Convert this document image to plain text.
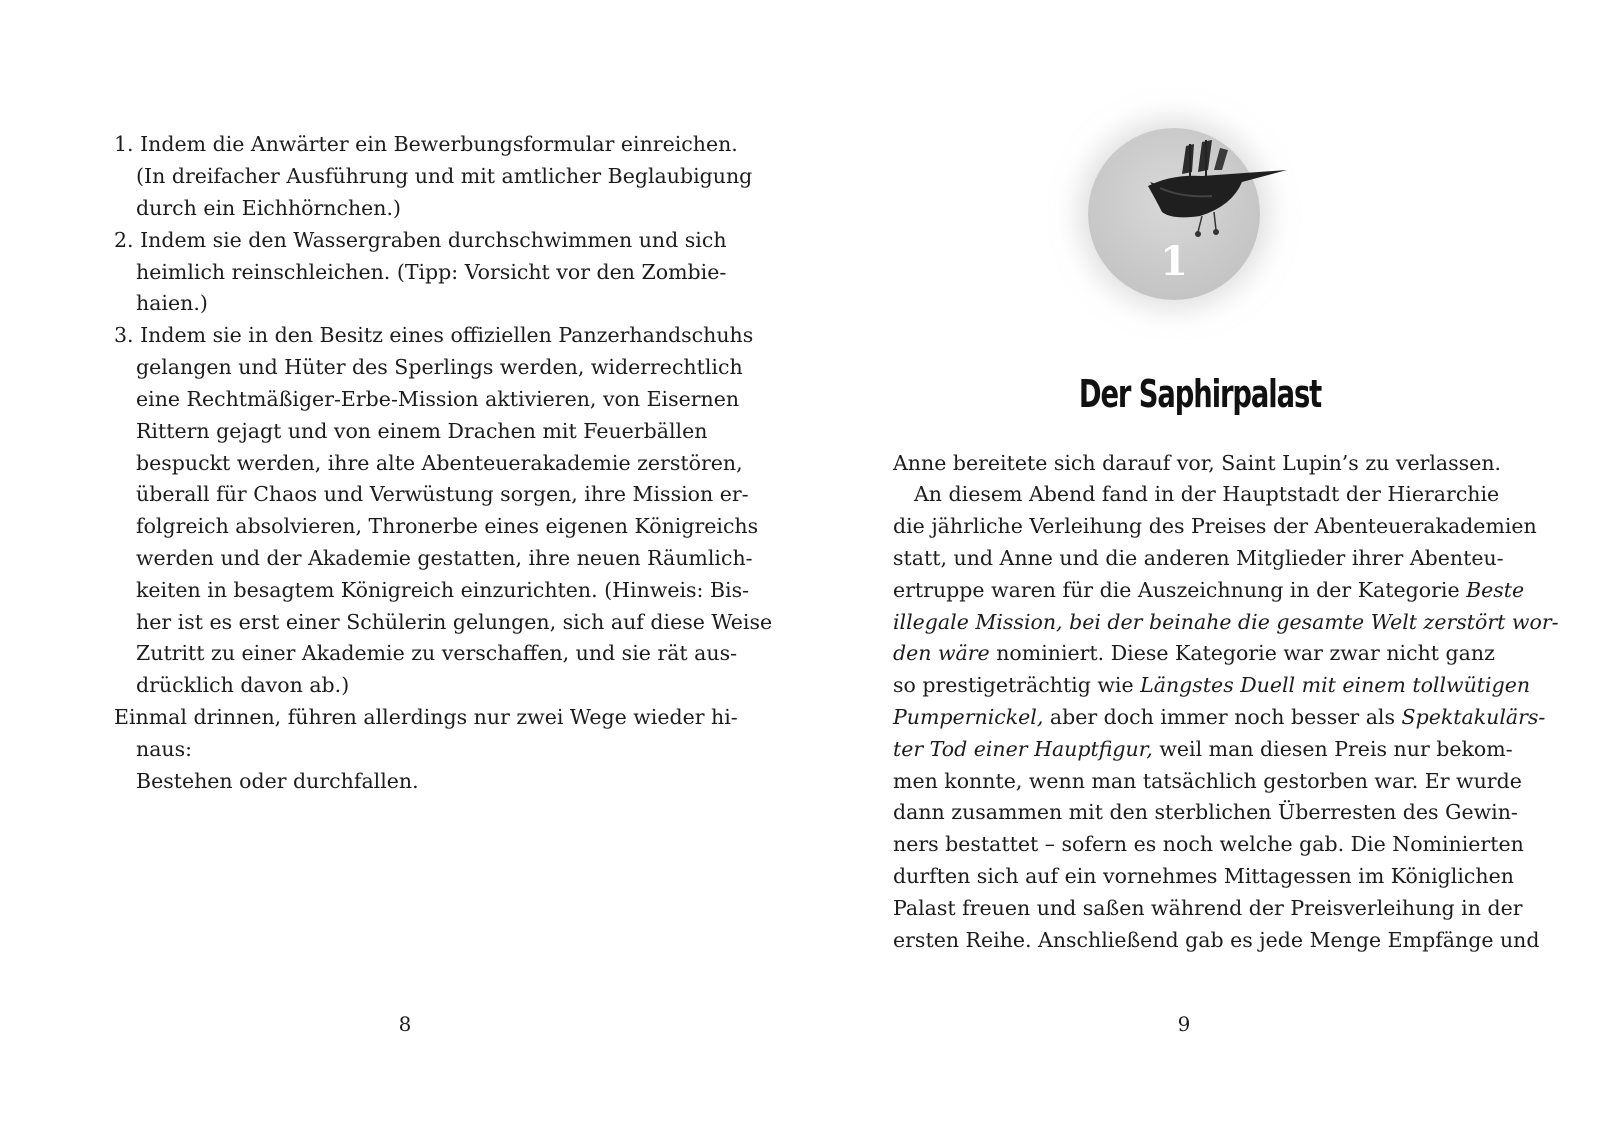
1. Indem die Anwärter ein Bewerbungsformular einreichen.
(In dreifacher Ausführung und mit amtlicher Beglaubigung
durch ein Eichhörnchen.)
2. Indem sie den Wassergraben durchschwimmen und sich
heimlich reinschleichen. (Tipp: Vorsicht vor den Zombie-
haien.)
3. Indem sie in den Besitz eines offiziellen Panzerhandschuhs
gelangen und Hüter des Sperlings werden, widerrechtlich
eine Rechtmäßiger-Erbe-Mission aktivieren, von Eisernen
Rittern gejagt und von einem Drachen mit Feuerbällen
bespuckt werden, ihre alte Abenteuerakademie zerstören,
überall für Chaos und Verwüstung sorgen, ihre Mission er-
folgreich absolvieren, Thronerbe eines eigenen Königreichs
werden und der Akademie gestatten, ihre neuen Räumlich-
keiten in besagtem Königreich einzurichten. (Hinweis: Bis-
her ist es erst einer Schülerin gelungen, sich auf diese Weise
Zutritt zu einer Akademie zu verschaffen, und sie rät aus-
drücklich davon ab.)
Einmal drinnen, führen allerdings nur zwei Wege wieder hi-
naus:
Bestehen oder durchfallen.
8
1
Der Saphirpalast
Anne bereitete sich darauf vor, Saint Lupin’s zu verlassen.
An diesem Abend fand in der Hauptstadt der Hierarchie
die jährliche Verleihung des Preises der Abenteuerakademien
statt, und Anne und die anderen Mitglieder ihrer Abenteu-
ertruppe waren für die Auszeichnung in der Kategorie Beste
illegale Mission, bei der beinahe die gesamte Welt zerstört wor-
den wäre nominiert. Diese Kategorie war zwar nicht ganz
so prestigeträchtig wie Längstes Duell mit einem tollwütigen
Pumpernickel, aber doch immer noch besser als Spektakulärs-
ter Tod einer Hauptfigur, weil man diesen Preis nur bekom-
men konnte, wenn man tatsächlich gestorben war. Er wurde
dann zusammen mit den sterblichen Überresten des Gewin-
ners bestattet – sofern es noch welche gab. Die Nominierten
durften sich auf ein vornehmes Mittagessen im Königlichen
Palast freuen und saßen während der Preisverleihung in der
ersten Reihe. Anschließend gab es jede Menge Empfänge und
9
